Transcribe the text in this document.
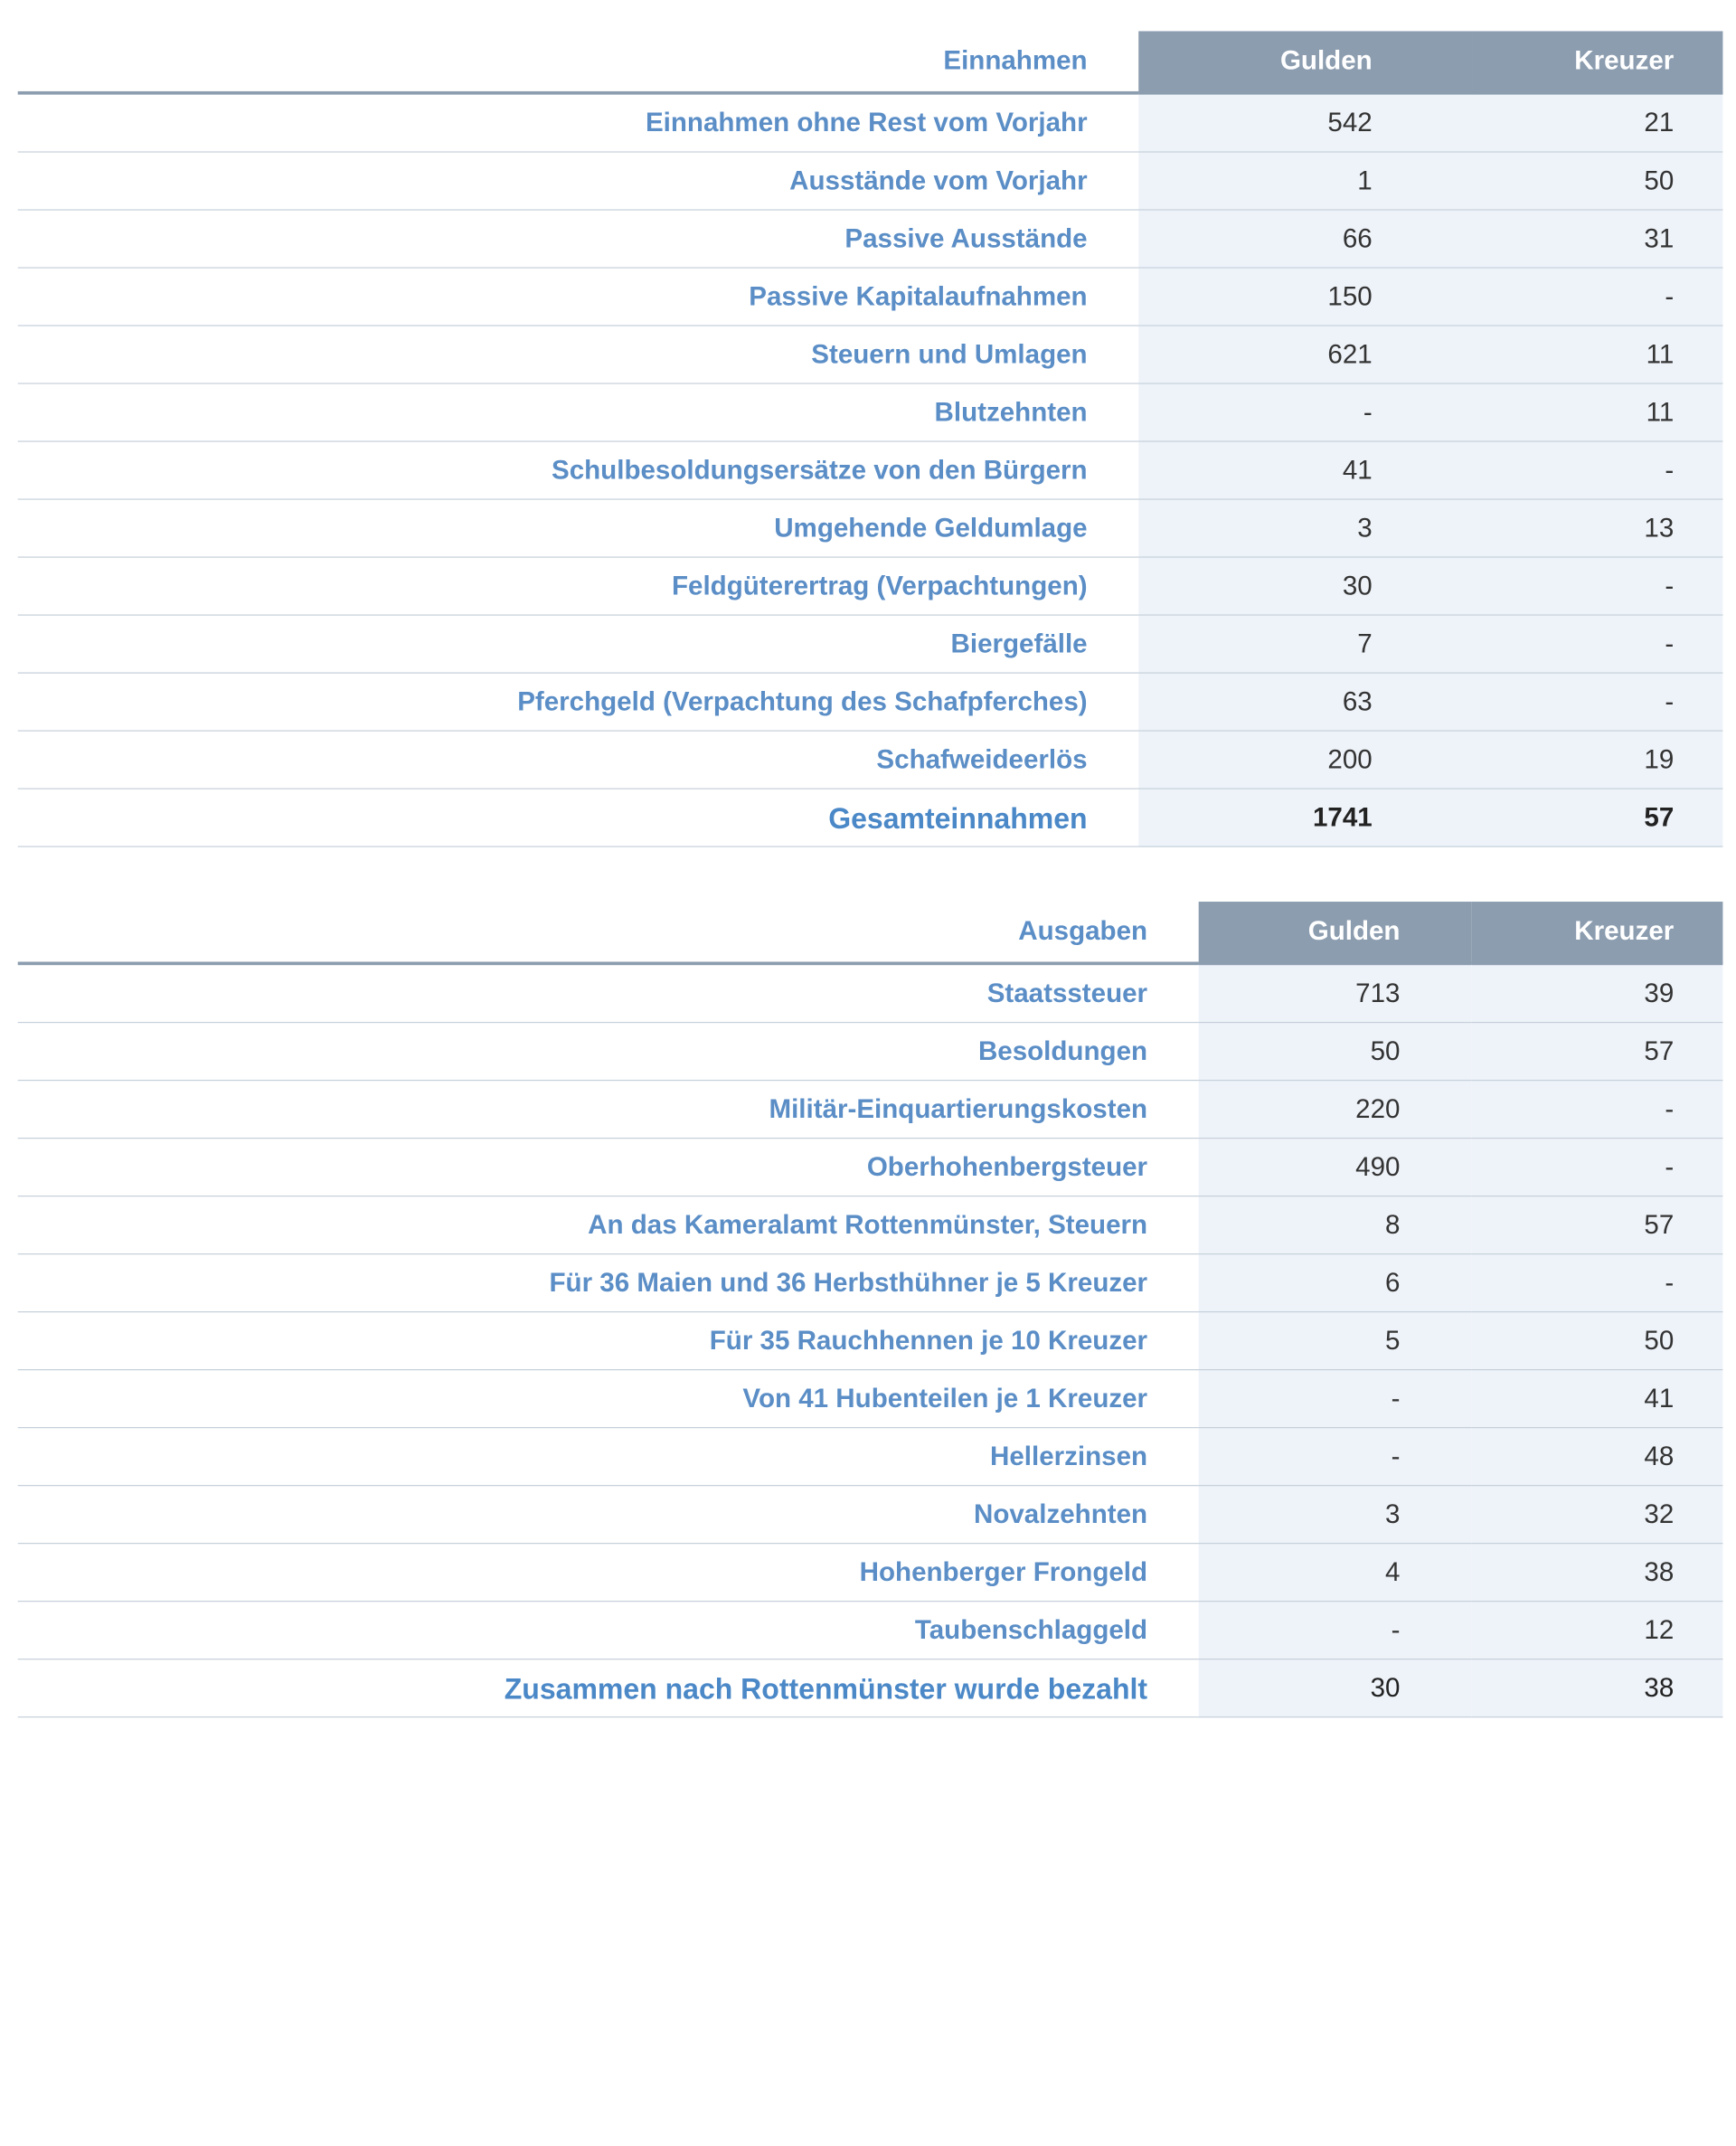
Einnahmen	Gulden	Kreuzer
Einnahmen ohne Rest vom Vorjahr	542	21
Ausstände vom Vorjahr	1	50
Passive Ausstände	66	31
Passive Kapitalaufnahmen	150	-
Steuern und Umlagen	621	11
Blutzehnten	-	11
Schulbesoldungsersätze von den Bürgern	41	-
Umgehende Geldumlage	3	13
Feldgüterertrag (Verpachtungen)	30	-
Biergefälle	7	-
Pferchgeld (Verpachtung des Schafpferches)	63	-
Schafweideerlös	200	19
Gesamteinnahmen	1741	57
Ausgaben	Gulden	Kreuzer
Staatssteuer	713	39
Besoldungen	50	57
Militär-Einquartierungskosten	220	-
Oberhohenbergsteuer	490	-
An das Kameralamt Rottenmünster, Steuern	8	57
Für 36 Maien und 36 Herbsthühner je 5 Kreuzer	6	-
Für 35 Rauchhennen je 10 Kreuzer	5	50
Von 41 Hubenteilen je 1 Kreuzer	-	41
Hellerzinsen	-	48
Novalzehnten	3	32
Hohenberger Frongeld	4	38
Taubenschlaggeld	-	12
Zusammen nach Rottenmünster wurde bezahlt	30	38
